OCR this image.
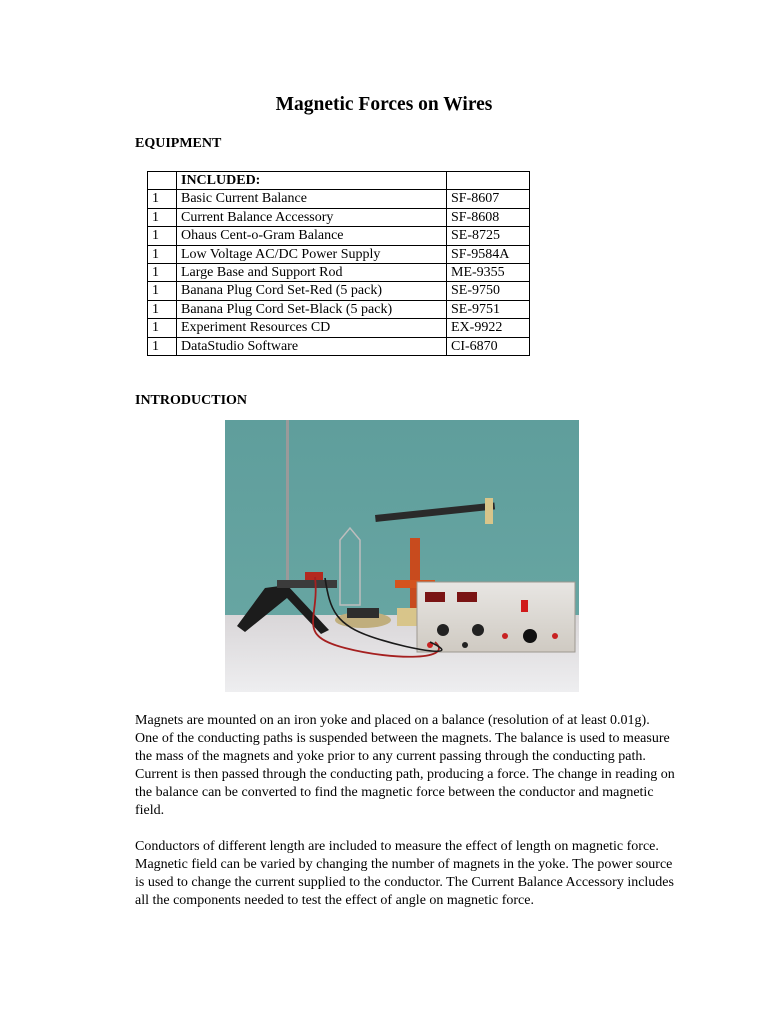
Magnetic Forces on Wires
EQUIPMENT
	INCLUDED:	
1	Basic Current Balance	SF-8607
1	Current Balance Accessory	SF-8608
1	Ohaus Cent-o-Gram Balance	SE-8725
1	Low Voltage AC/DC Power Supply	SF-9584A
1	Large Base and Support Rod	ME-9355
1	Banana Plug Cord Set-Red (5 pack)	SE-9750
1	Banana Plug Cord Set-Black (5 pack)	SE-9751
1	Experiment Resources CD	EX-9922
1	DataStudio Software	CI-6870
INTRODUCTION

Magnets are mounted on an iron yoke and placed on a balance (resolution of at least 0.01g). One of the conducting paths is suspended between the magnets. The balance is used to measure the mass of the magnets and yoke prior to any current passing through the conducting path. Current is then passed through the conducting path, producing a force. The change in reading on the balance can be converted to find the magnetic force between the conductor and magnetic field.

Conductors of different length are included to measure the effect of length on magnetic force. Magnetic field can be varied by changing the number of magnets in the yoke. The power source is used to change the current supplied to the conductor. The Current Balance Accessory includes all the components needed to test the effect of angle on magnetic force.
